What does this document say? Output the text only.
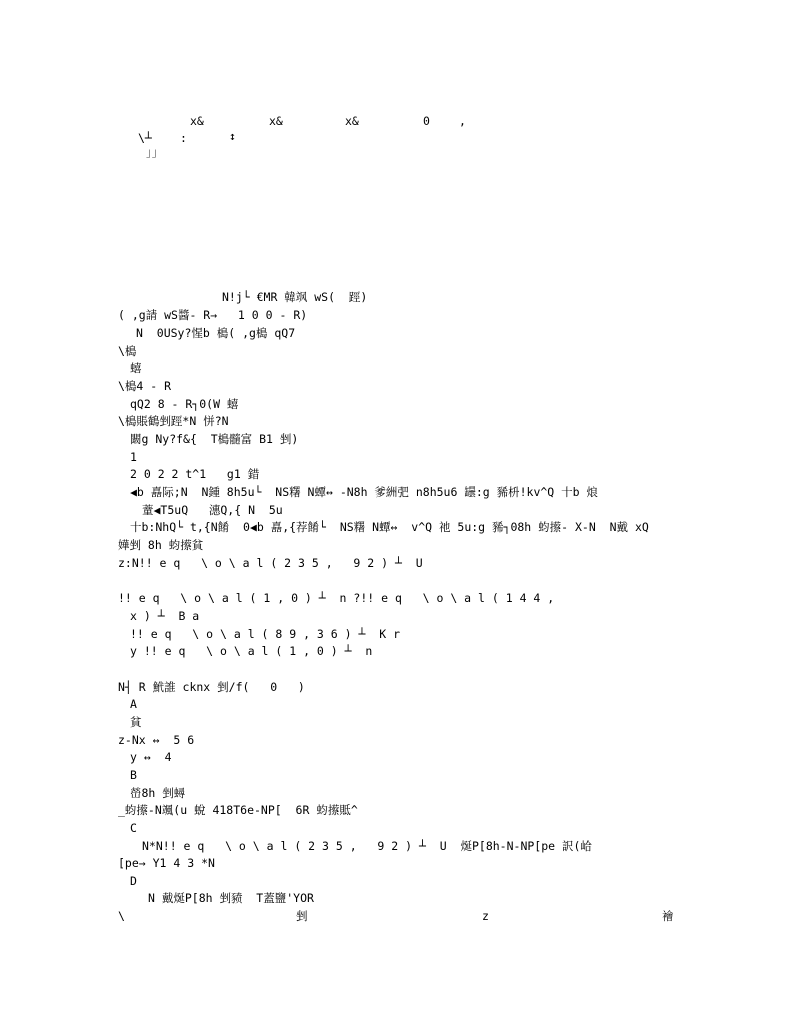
x&	x&	x&	0	,
\┴ :	↕
」」
N!j└ €MR 韓飒 wS(  踁)
( ,g請 wS醬- R→   1 0 0 - R)
N  0USy?惺b 槝( ,g槝 qQ7
\槝
蟢
\槝4 - R
qQ2 8 - R┐0(W 蟢
\槝賬鶴剉踁*N 恲?N
闞g Ny?f&{  T槝髓富 B1 剉)
1
2 0 2 2 t^1   g1 錯
◀b 嚞际;N  N鍾 8h5u└  NS糬 N蟫↔ -N8h 爹絒弝 n8h5u6 罎:g 豨枡!kv^Q 十b 烺
蕫◀T5uQ   潓Q,{ N  5u
十b:NhQ└ t,{N餚  0◀b 嚞,{荐餚└  NS糬 N蟫↔  v^Q 祂 5u:g 豨┐08h 蚐攃- X-N  N戴 xQ
嬅剉 8h 蚐攃貧
z:N!! e q   \ o \ a l ( 2 3 5 ,   9 2 ) ┴  U
!! e q   \ o \ a l ( 1 , 0 ) ┴  n ?!! e q   \ o \ a l ( 1 4 4 ,
x ) ┴  B a
!! e q   \ o \ a l ( 8 9 , 3 6 ) ┴  K r
y !! e q   \ o \ a l ( 1 , 0 ) ┴  n
N┤ R 鮘誰 cknx 剉/f(   0   )
A
貧
z-Nx ↔  5 6
y ↔  4
B
嵤8h 剉蟳
_蚐攃-N颯(u 蛻 418T6e-NP[  6R 蚐攃貾^
C
N*N!! e q   \ o \ a l ( 2 3 5 ,   9 2 ) ┴  U  烻P[8h-N-NP[pe 訳(峆
[pe→ Y1 4 3 *N
D
N 戴烻P[8h 剉豮  T蓋鹽'YOR
\	剉	z	襘
